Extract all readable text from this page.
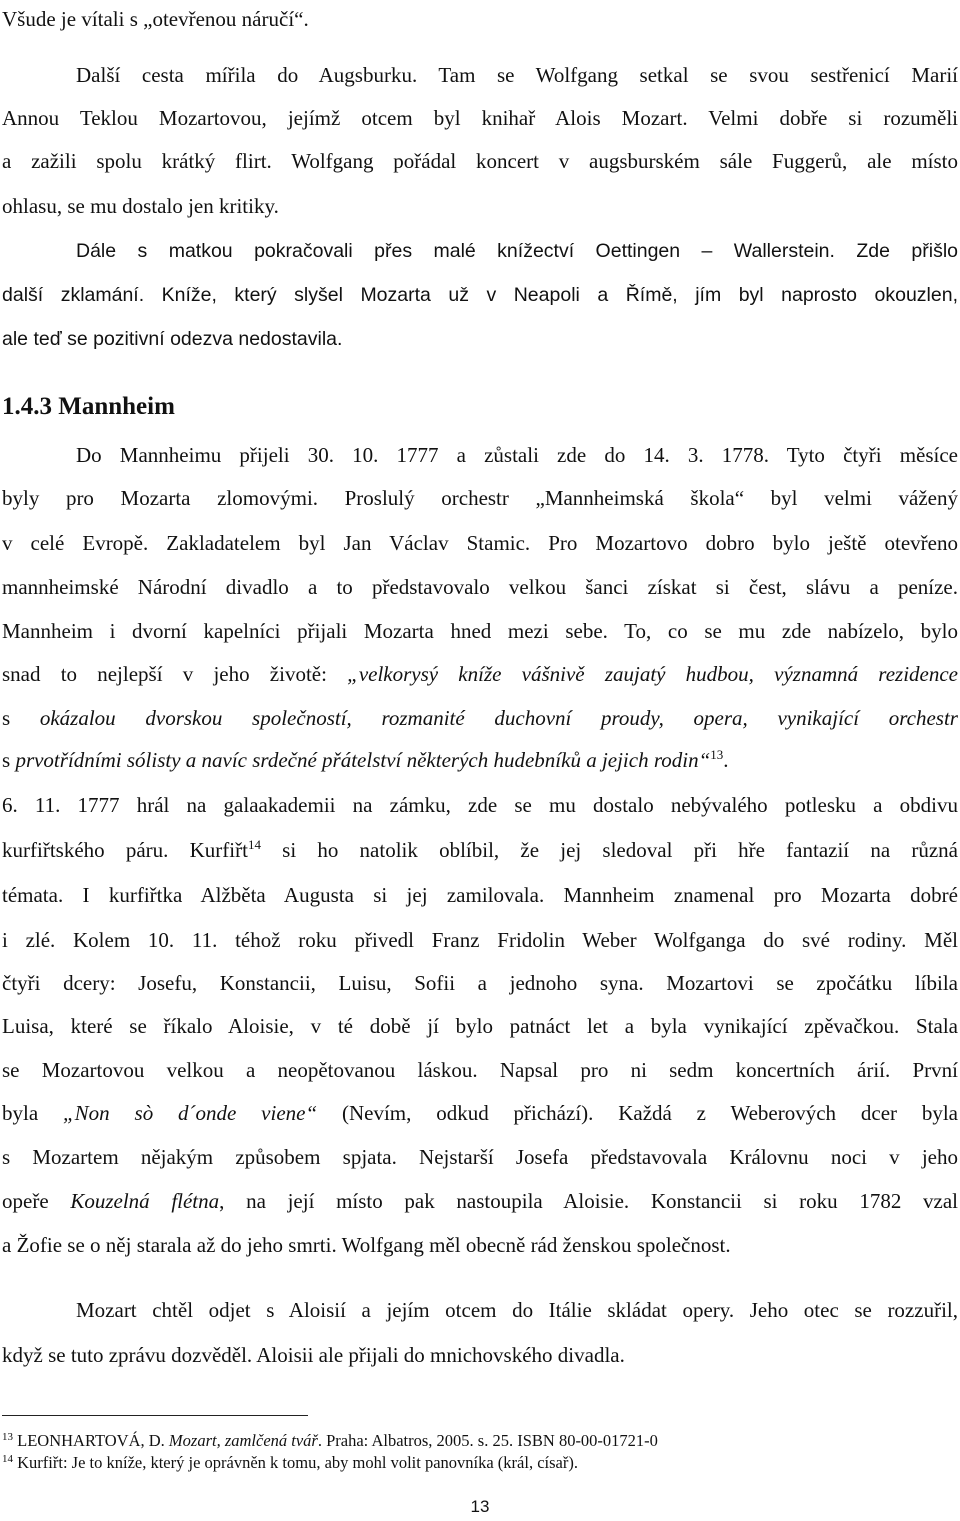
Všude je vítali s „otevřenou náručí“.
Další cesta mířila do Augsburku. Tam se Wolfgang setkal se svou sestřenicí Marií
Annou Teklou Mozartovou, jejímž otcem byl knihař Alois Mozart. Velmi dobře si rozuměli
a zažili spolu krátký flirt. Wolfgang pořádal koncert v augsburském sále Fuggerů, ale místo
ohlasu, se mu dostalo jen kritiky.
Dále s matkou pokračovali přes malé knížectví Oettingen – Wallerstein. Zde přišlo
další zklamání. Kníže, který slyšel Mozarta už v Neapoli a Římě, jím byl naprosto okouzlen,
ale teď se pozitivní odezva nedostavila.
1.4.3 Mannheim
Do Mannheimu přijeli 30. 10. 1777 a zůstali zde do 14. 3. 1778. Tyto čtyři měsíce
byly pro Mozarta zlomovými. Proslulý orchestr „Mannheimská škola“ byl velmi vážený
v celé Evropě. Zakladatelem byl Jan Václav Stamic. Pro Mozartovo dobro bylo ještě otevřeno
mannheimské Národní divadlo a to představovalo velkou šanci získat si čest, slávu a peníze.
Mannheim i dvorní kapelníci přijali Mozarta hned mezi sebe. To, co se mu zde nabízelo, bylo
snad to nejlepší v jeho životě: „velkorysý kníže vášnivě zaujatý hudbou, významná rezidence
s okázalou dvorskou společností, rozmanité duchovní proudy, opera, vynikající orchestr
s prvotřídními sólisty a navíc srdečné přátelství některých hudebníků a jejich rodin“$^{13}$.
6. 11. 1777 hrál na galaakademii na zámku, zde se mu dostalo nebývalého potlesku a obdivu
kurfiřtského páru. Kurfiřt$^{14}$ si ho natolik oblíbil, že jej sledoval při hře fantazií na různá
témata. I kurfiřtka Alžběta Augusta si jej zamilovala. Mannheim znamenal pro Mozarta dobré
i zlé. Kolem 10. 11. téhož roku přivedl Franz Fridolin Weber Wolfganga do své rodiny. Měl
čtyři dcery: Josefu, Konstancii, Luisu, Sofii a jednoho syna. Mozartovi se zpočátku líbila
Luisa, které se říkalo Aloisie, v té době jí bylo patnáct let a byla vynikající zpěvačkou. Stala
se Mozartovou velkou a neopětovanou láskou. Napsal pro ni sedm koncertních árií. První
byla „Non sò d´onde viene“ (Nevím, odkud přichází). Každá z Weberových dcer byla
s Mozartem nějakým způsobem spjata. Nejstarší Josefa představovala Královnu noci v jeho
opeře Kouzelná flétna, na její místo pak nastoupila Aloisie. Konstancii si roku 1782 vzal
a Žofie se o něj starala až do jeho smrti. Wolfgang měl obecně rád ženskou společnost.
Mozart chtěl odjet s Aloisií a jejím otcem do Itálie skládat opery. Jeho otec se rozzuřil,
když se tuto zprávu dozvěděl. Aloisii ale přijali do mnichovského divadla.
$^{13}$ LEONHARTOVÁ, D. Mozart, zamlčená tvář. Praha: Albatros, 2005. s. 25. ISBN 80-00-01721-0
$^{14}$ Kurfiřt: Je to kníže, který je oprávněn k tomu, aby mohl volit panovníka (král, císař).
13
